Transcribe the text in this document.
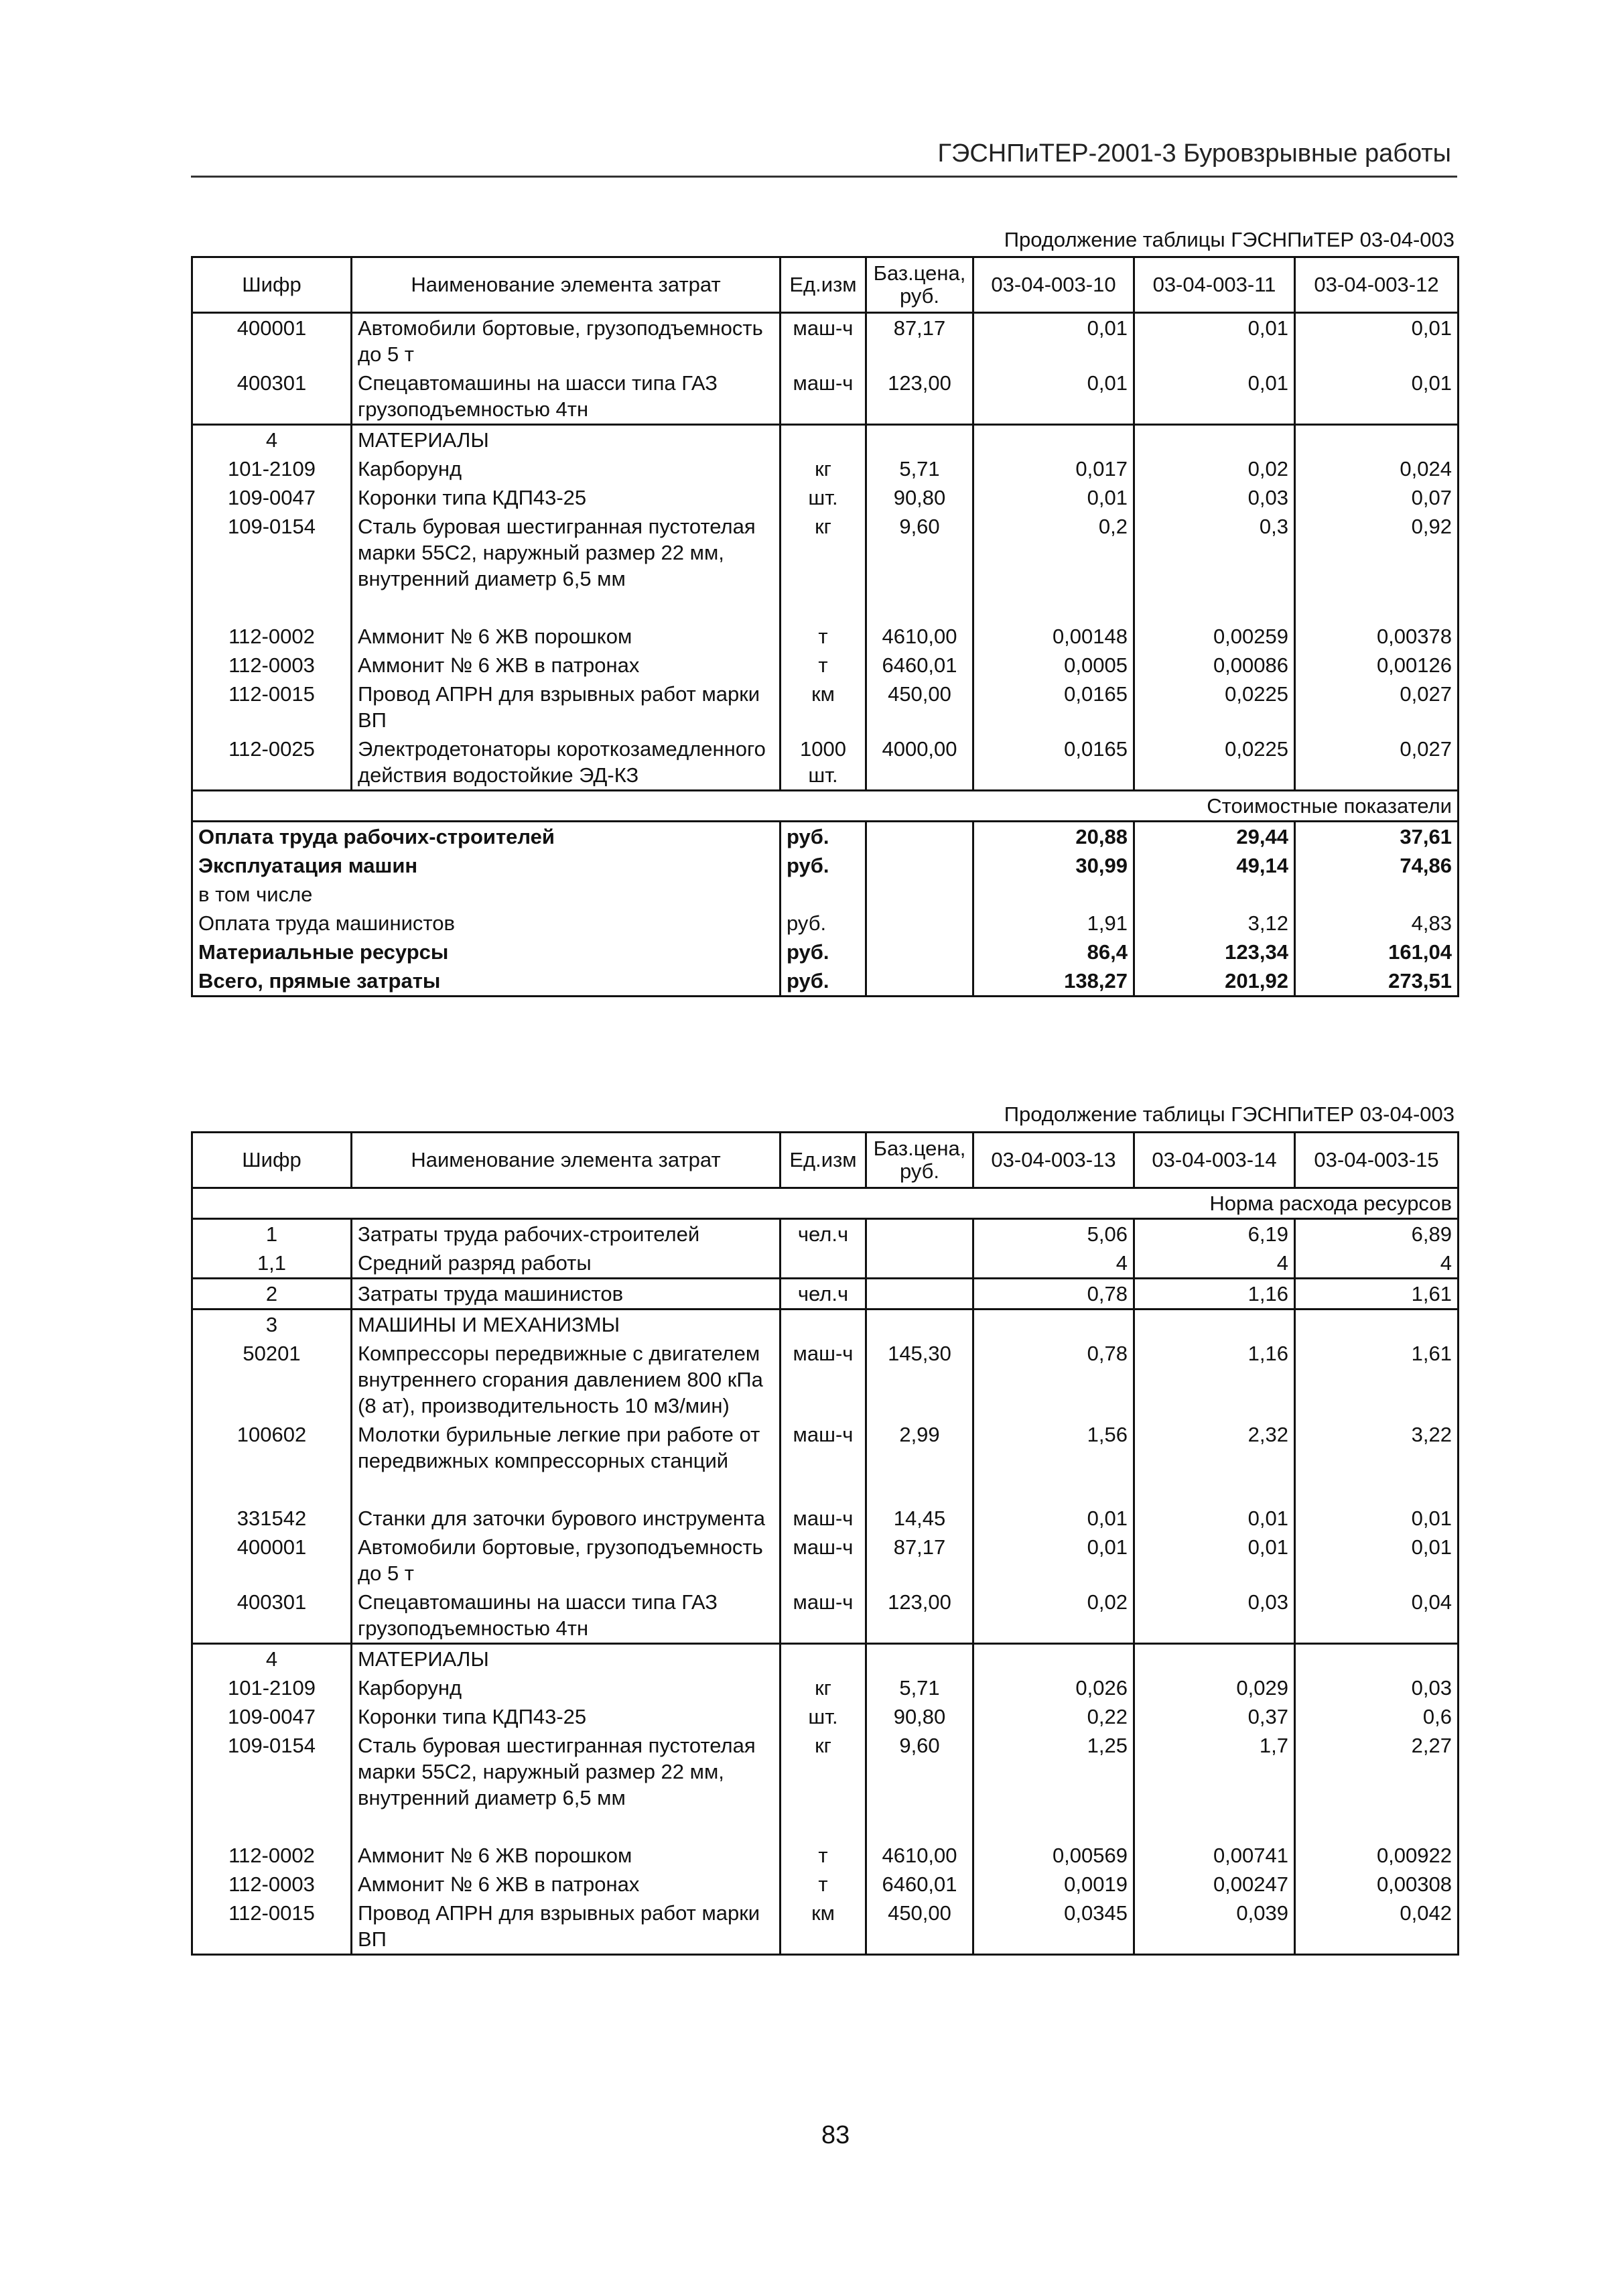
ГЭСНПиТЕР-2001-3 Буровзрывные работы
Продолжение таблицы ГЭСНПиТЕР 03-04-003
Шифр	Наименование элемента затрат	Ед.изм	Баз.цена, руб.	03-04-003-10	03-04-003-11	03-04-003-12
400001	Автомобили бортовые, грузоподъемность до 5 т	маш-ч	87,17	0,01	0,01	0,01
400301	Спецавтомашины на шасси типа ГАЗ грузоподъемностью 4тн	маш-ч	123,00	0,01	0,01	0,01
4	МАТЕРИАЛЫ					
101-2109	Карборунд	кг	5,71	0,017	0,02	0,024
109-0047	Коронки типа КДП43-25	шт.	90,80	0,01	0,03	0,07
109-0154	Сталь буровая шестигранная пустотелая марки 55С2, наружный размер 22 мм, внутренний диаметр 6,5 мм	кг	9,60	0,2	0,3	0,92
112-0002	Аммонит № 6 ЖВ порошком	т	4610,00	0,00148	0,00259	0,00378
112-0003	Аммонит № 6 ЖВ в патронах	т	6460,01	0,0005	0,00086	0,00126
112-0015	Провод АПРН для взрывных работ марки ВП	км	450,00	0,0165	0,0225	0,027
112-0025	Электродетонаторы короткозамедленного действия водостойкие ЭД-КЗ	1000 шт.	4000,00	0,0165	0,0225	0,027
Стоимостные показатели						
Оплата труда рабочих-строителей		руб.		20,88	29,44	37,61
Эксплуатация машин		руб.		30,99	49,14	74,86
в том числе						
Оплата труда машинистов		руб.		1,91	3,12	4,83
Материальные ресурсы		руб.		86,4	123,34	161,04
Всего, прямые затраты		руб.		138,27	201,92	273,51
Продолжение таблицы ГЭСНПиТЕР 03-04-003
Шифр	Наименование элемента затрат	Ед.изм	Баз.цена, руб.	03-04-003-13	03-04-003-14	03-04-003-15
Норма расхода ресурсов						
1	Затраты труда рабочих-строителей	чел.ч		5,06	6,19	6,89
1,1	Средний разряд работы			4	4	4
2	Затраты труда машинистов	чел.ч		0,78	1,16	1,61
3	МАШИНЫ И МЕХАНИЗМЫ					
50201	Компрессоры передвижные с двигателем внутреннего сгорания давлением 800 кПа (8 ат), производительность 10 м3/мин)	маш-ч	145,30	0,78	1,16	1,61
100602	Молотки бурильные легкие при работе от передвижных компрессорных станций	маш-ч	2,99	1,56	2,32	3,22
331542	Станки для заточки бурового инструмента	маш-ч	14,45	0,01	0,01	0,01
400001	Автомобили бортовые, грузоподъемность до 5 т	маш-ч	87,17	0,01	0,01	0,01
400301	Спецавтомашины на шасси типа ГАЗ грузоподъемностью 4тн	маш-ч	123,00	0,02	0,03	0,04
4	МАТЕРИАЛЫ					
101-2109	Карборунд	кг	5,71	0,026	0,029	0,03
109-0047	Коронки типа КДП43-25	шт.	90,80	0,22	0,37	0,6
109-0154	Сталь буровая шестигранная пустотелая марки 55С2, наружный размер 22 мм, внутренний диаметр 6,5 мм	кг	9,60	1,25	1,7	2,27
112-0002	Аммонит № 6 ЖВ порошком	т	4610,00	0,00569	0,00741	0,00922
112-0003	Аммонит № 6 ЖВ в патронах	т	6460,01	0,0019	0,00247	0,00308
112-0015	Провод АПРН для взрывных работ марки ВП	км	450,00	0,0345	0,039	0,042
83
